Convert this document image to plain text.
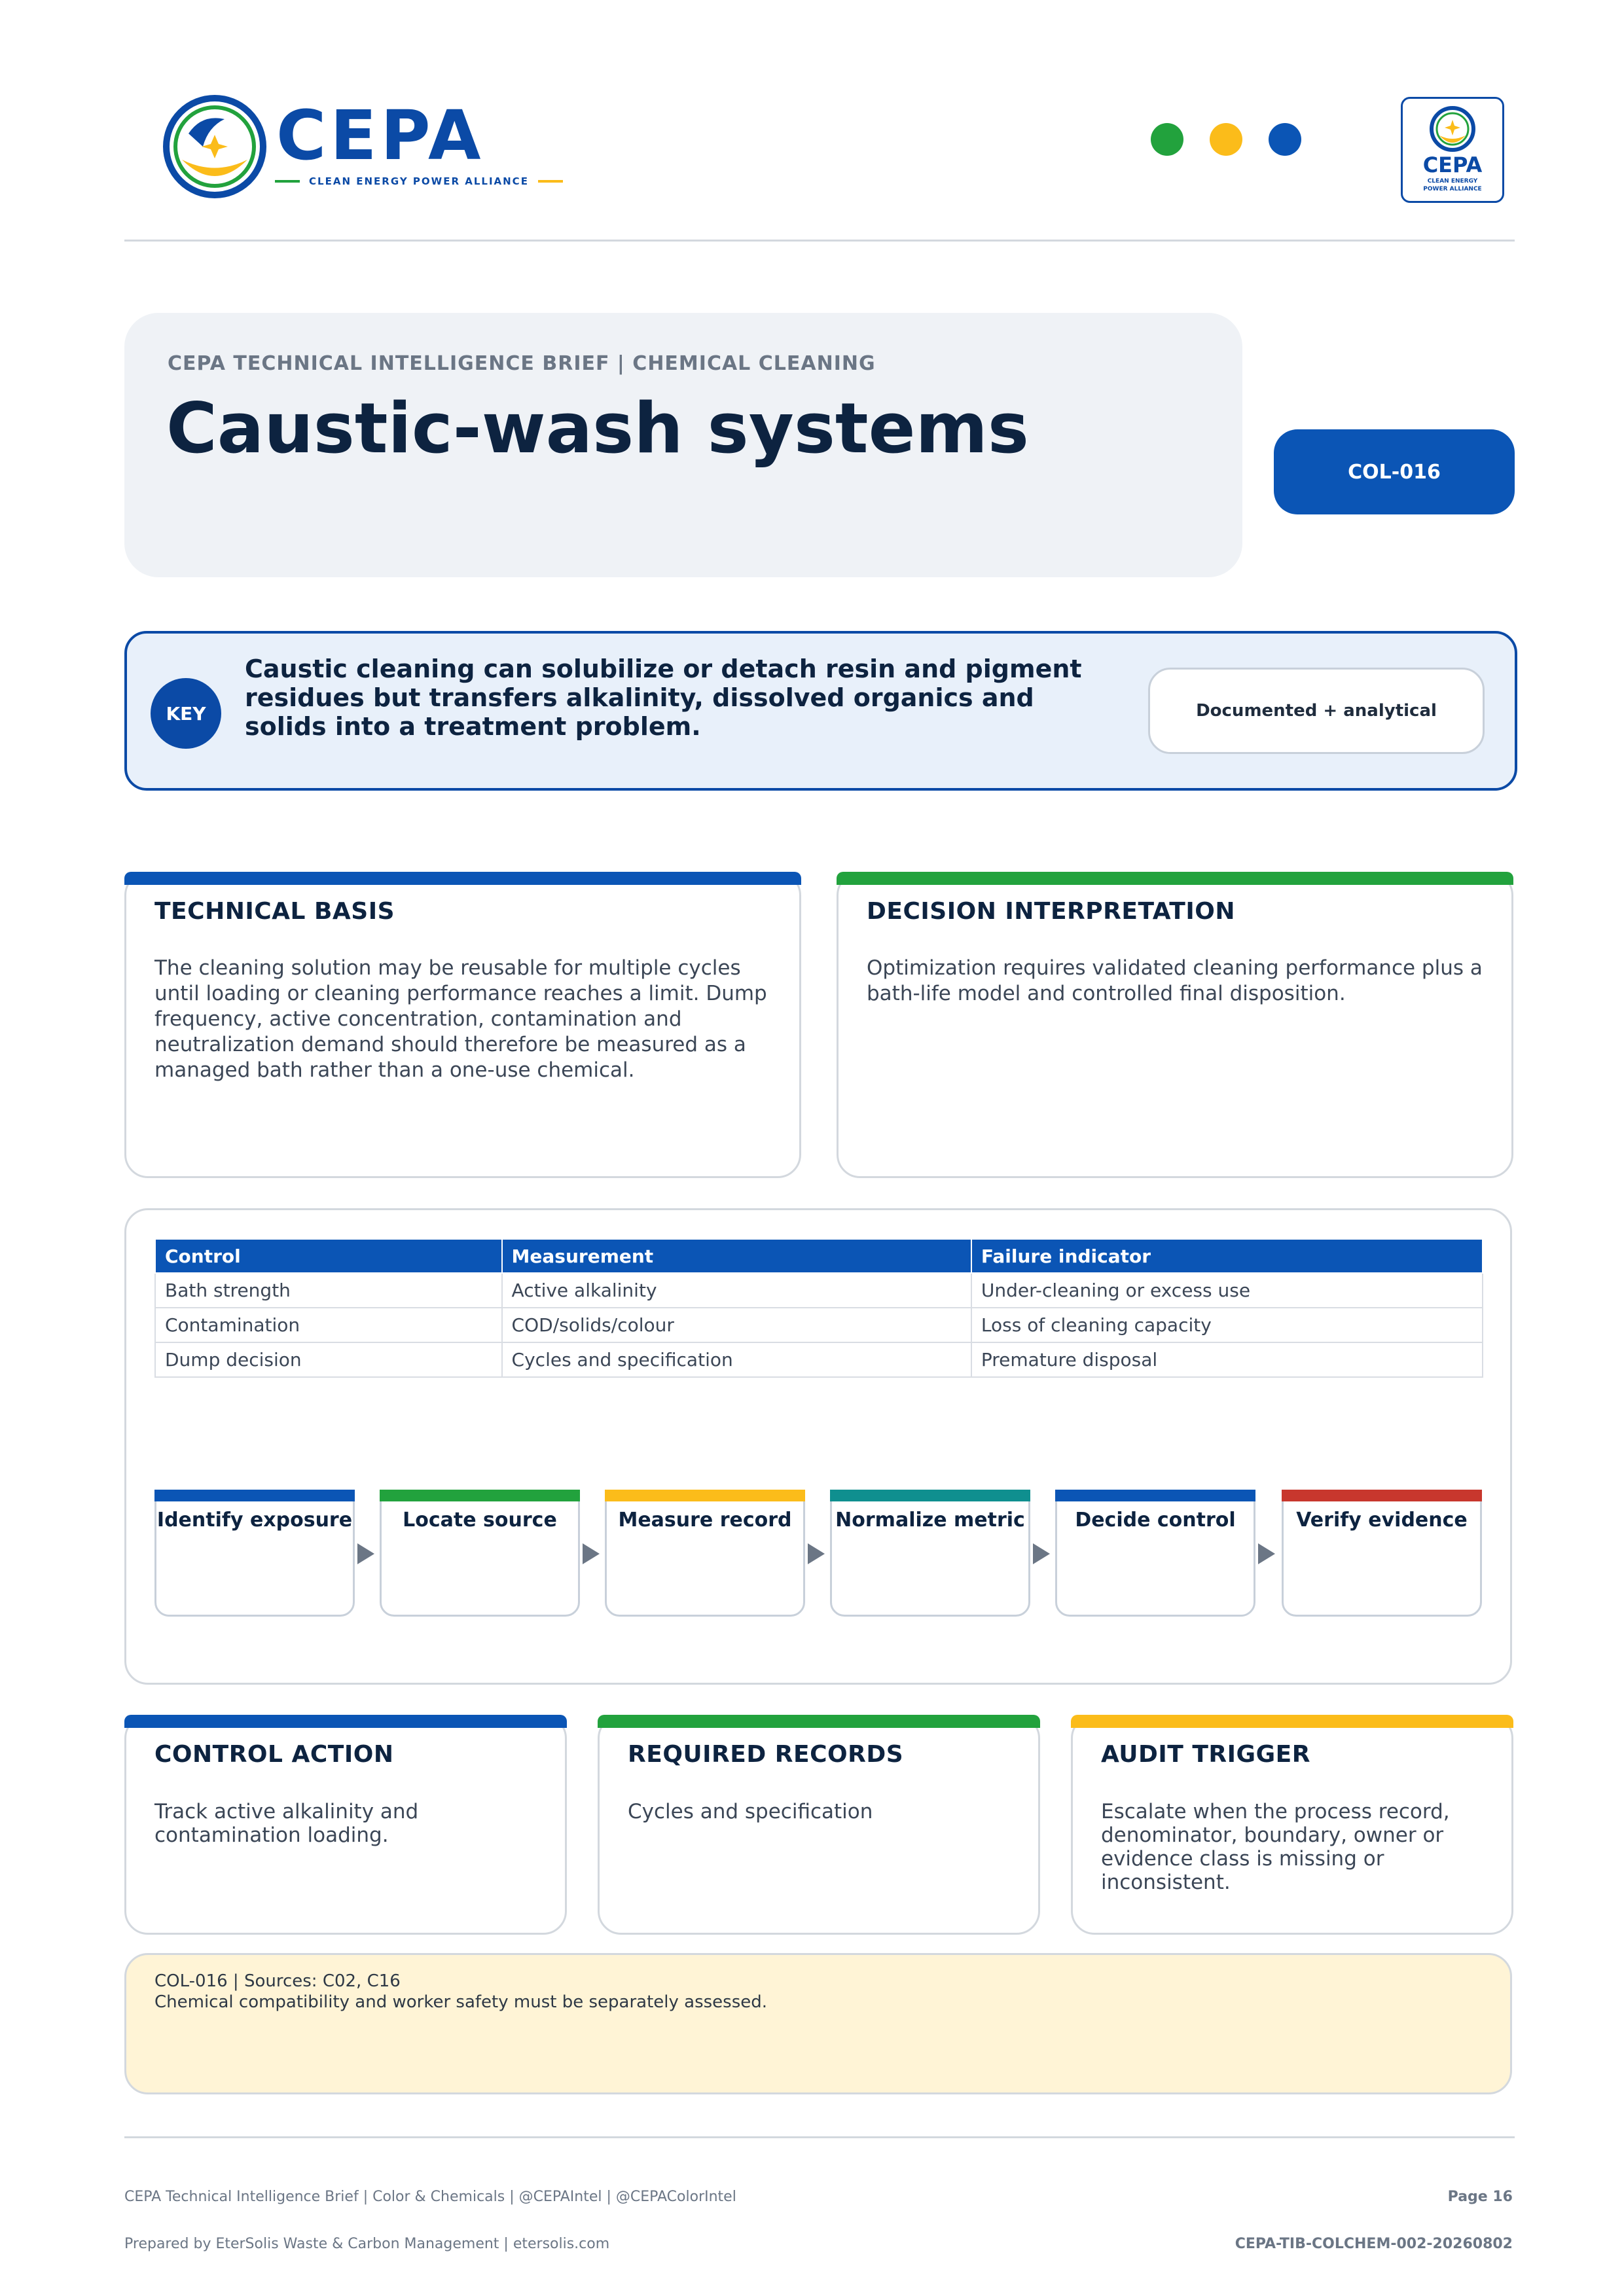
CEPA
CLEAN ENERGY POWER ALLIANCE
CEPA
CLEAN ENERGY
POWER ALLIANCE
CEPA TECHNICAL INTELLIGENCE BRIEF | CHEMICAL CLEANING
Caustic-wash systems
COL-016
KEY
Caustic cleaning can solubilize or detach resin and pigment residues but transfers alkalinity, dissolved organics and solids into a treatment problem.
Documented + analytical
TECHNICAL BASIS
The cleaning solution may be reusable for multiple cycles until loading or cleaning performance reaches a limit. Dump frequency, active concentration, contamination and neutralization demand should therefore be measured as a managed bath rather than a one-use chemical.
DECISION INTERPRETATION
Optimization requires validated cleaning performance plus a bath-life model and controlled final disposition.
Control	Measurement	Failure indicator
Bath strength	Active alkalinity	Under-cleaning or excess use
Contamination	COD/solids/colour	Loss of cleaning capacity
Dump decision	Cycles and specification	Premature disposal
Identify exposure	Locate source	Measure record	Normalize metric	Decide control	Verify evidence
CONTROL ACTION
Track active alkalinity and contamination loading.
REQUIRED RECORDS
Cycles and specification
AUDIT TRIGGER
Escalate when the process record, denominator, boundary, owner or evidence class is missing or inconsistent.
COL-016 | Sources: C02, C16
Chemical compatibility and worker safety must be separately assessed.
CEPA Technical Intelligence Brief | Color & Chemicals | @CEPAIntel | @CEPAColorIntel	Page 16
Prepared by EterSolis Waste & Carbon Management | etersolis.com	CEPA-TIB-COLCHEM-002-20260802
